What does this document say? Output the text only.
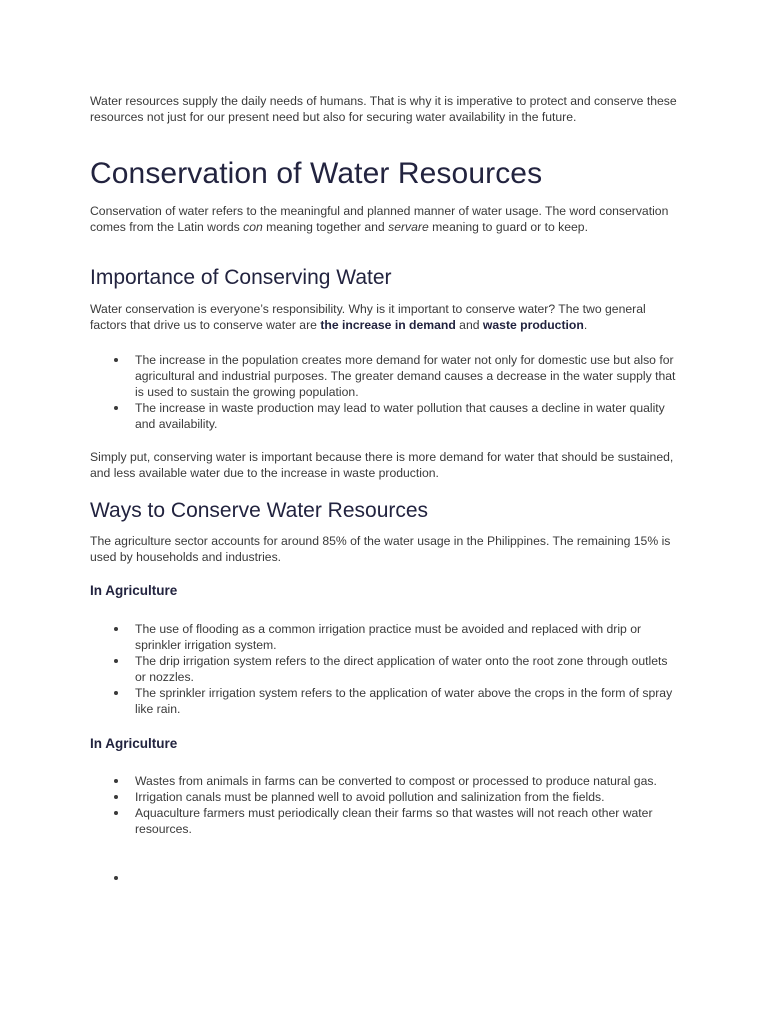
Water resources supply the daily needs of humans. That is why it is imperative to protect and conserve these resources not just for our present need but also for securing water availability in the future.

Conservation of Water Resources

Conservation of water refers to the meaningful and planned manner of water usage. The word conservation comes from the Latin words con meaning together and servare meaning to guard or to keep.

Importance of Conserving Water

Water conservation is everyone’s responsibility. Why is it important to conserve water? The two general factors that drive us to conserve water are the increase in demand and waste production.

The increase in the population creates more demand for water not only for domestic use but also for agricultural and industrial purposes. The greater demand causes a decrease in the water supply that is used to sustain the growing population.
The increase in waste production may lead to water pollution that causes a decline in water quality and availability.

Simply put, conserving water is important because there is more demand for water that should be sustained, and less available water due to the increase in waste production.

Ways to Conserve Water Resources

The agriculture sector accounts for around 85% of the water usage in the Philippines. The remaining 15% is used by households and industries.

In Agriculture
The use of flooding as a common irrigation practice must be avoided and replaced with drip or sprinkler irrigation system.
The drip irrigation system refers to the direct application of water onto the root zone through outlets or nozzles.
The sprinkler irrigation system refers to the application of water above the crops in the form of spray like rain.
In Agriculture
Wastes from animals in farms can be converted to compost or processed to produce natural gas.
Irrigation canals must be planned well to avoid pollution and salinization from the fields.
Aquaculture farmers must periodically clean their farms so that wastes will not reach other water resources.
